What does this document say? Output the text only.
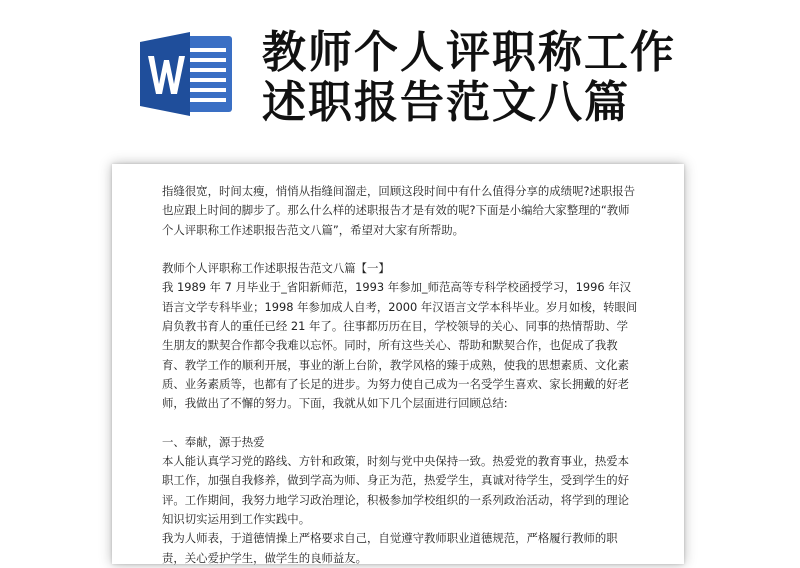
教师个人评职称工作
述职报告范文八篇

指缝很宽，时间太瘦，悄悄从指缝间溜走，回顾这段时间中有什么值得分享的成绩呢?述职报告也应跟上时间的脚步了。那么什么样的述职报告才是有效的呢?下面是小编给大家整理的“教师个人评职称工作述职报告范文八篇”，希望对大家有所帮助。

教师个人评职称工作述职报告范文八篇【一】

我 1989 年 7 月毕业于_省阳新师范，1993 年参加_师范高等专科学校函授学习，1996 年汉语言文学专科毕业；1998 年参加成人自考，2000 年汉语言文学本科毕业。岁月如梭，转眼间肩负教书育人的重任已经 21 年了。往事都历历在目，学校领导的关心、同事的热情帮助、学生朋友的默契合作都令我难以忘怀。同时，所有这些关心、帮助和默契合作，也促成了我教育、教学工作的顺利开展，事业的渐上台阶，教学风格的臻于成熟，使我的思想素质、文化素质、业务素质等，也都有了长足的进步。为努力使自己成为一名受学生喜欢、家长拥戴的好老师，我做出了不懈的努力。下面，我就从如下几个层面进行回顾总结:

一、奉献，源于热爱

本人能认真学习党的路线、方针和政策，时刻与党中央保持一致。热爱党的教育事业，热爱本职工作，加强自我修养，做到学高为师、身正为范，热爱学生，真诚对待学生，受到学生的好评。工作期间，我努力地学习政治理论，积极参加学校组织的一系列政治活动，将学到的理论知识切实运用到工作实践中。

我为人师表，于道德情操上严格要求自己，自觉遵守教师职业道德规范，严格履行教师的职责，关心爱护学生，做学生的良师益友。
